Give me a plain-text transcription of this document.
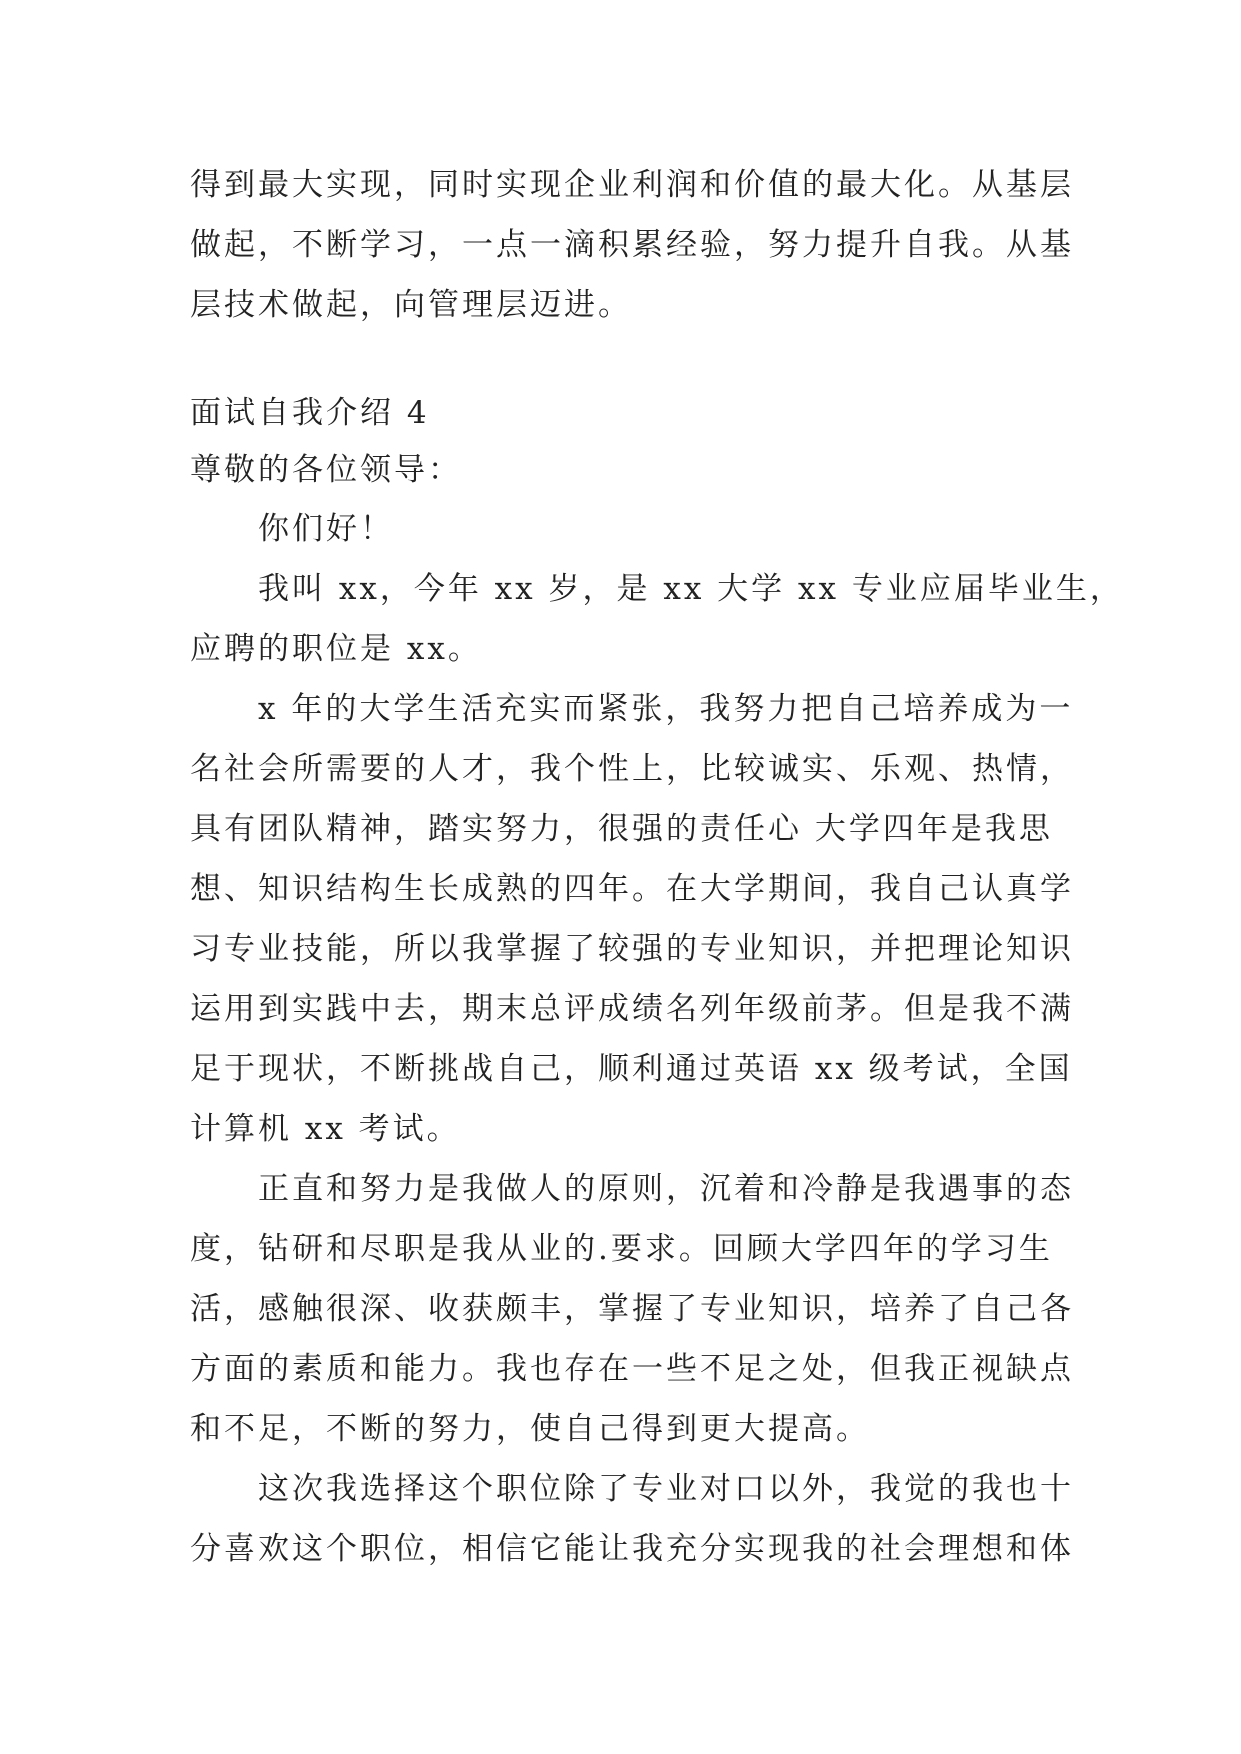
得到最大实现，同时实现企业利润和价值的最大化。从基层
做起，不断学习，一点一滴积累经验，努力提升自我。从基
层技术做起，向管理层迈进。
面试自我介绍 4
尊敬的各位领导：
你们好！
我叫 xx，今年 xx 岁，是 xx 大学 xx 专业应届毕业生，
应聘的职位是 xx。
x 年的大学生活充实而紧张，我努力把自己培养成为一
名社会所需要的人才，我个性上，比较诚实、乐观、热情，
具有团队精神，踏实努力，很强的责任心 大学四年是我思
想、知识结构生长成熟的四年。在大学期间，我自己认真学
习专业技能，所以我掌握了较强的专业知识，并把理论知识
运用到实践中去，期末总评成绩名列年级前茅。但是我不满
足于现状，不断挑战自己，顺利通过英语 xx 级考试，全国
计算机 xx 考试。
正直和努力是我做人的原则，沉着和冷静是我遇事的态
度，钻研和尽职是我从业的.要求。回顾大学四年的学习生
活，感触很深、收获颇丰，掌握了专业知识，培养了自己各
方面的素质和能力。我也存在一些不足之处，但我正视缺点
和不足，不断的努力，使自己得到更大提高。
这次我选择这个职位除了专业对口以外，我觉的我也十
分喜欢这个职位，相信它能让我充分实现我的社会理想和体
